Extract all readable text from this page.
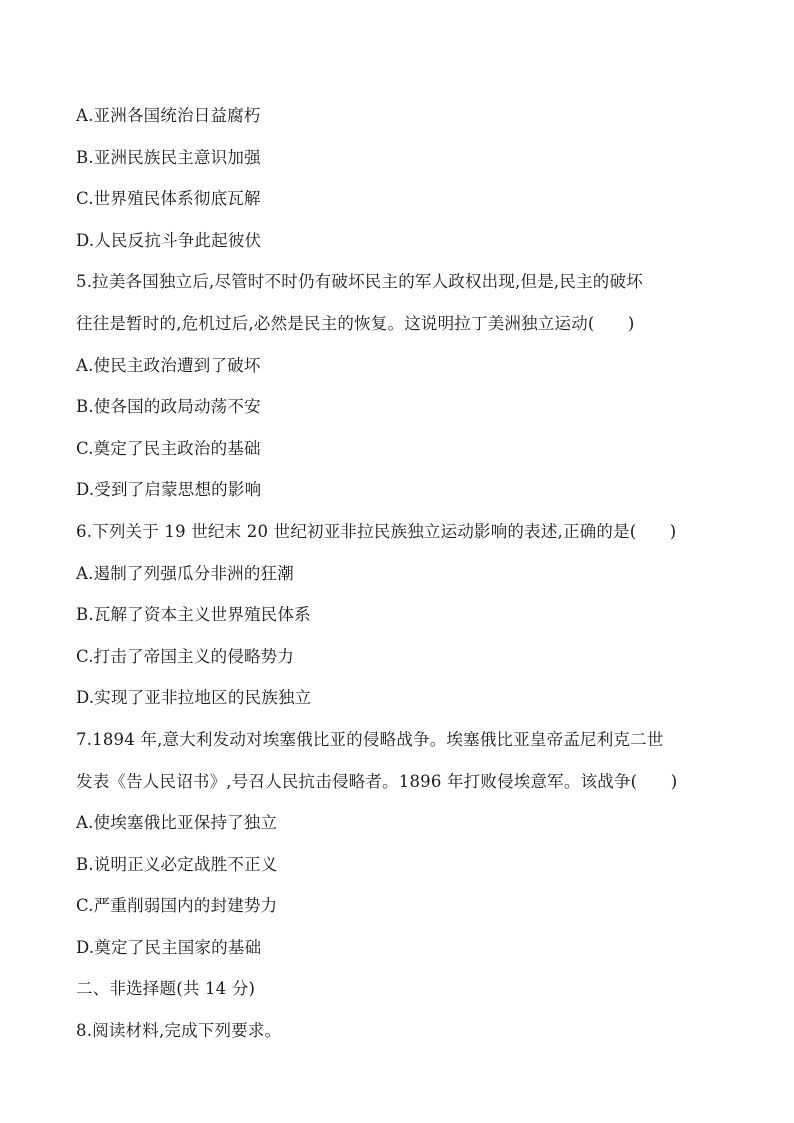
A.亚洲各国统治日益腐朽
B.亚洲民族民主意识加强
C.世界殖民体系彻底瓦解
D.人民反抗斗争此起彼伏
5.拉美各国独立后,尽管时不时仍有破坏民主的军人政权出现,但是,民主的破坏
往往是暂时的,危机过后,必然是民主的恢复。这说明拉丁美洲独立运动(　　)
A.使民主政治遭到了破坏
B.使各国的政局动荡不安
C.奠定了民主政治的基础
D.受到了启蒙思想的影响
6.下列关于 19 世纪末 20 世纪初亚非拉民族独立运动影响的表述,正确的是(　　)
A.遏制了列强瓜分非洲的狂潮
B.瓦解了资本主义世界殖民体系
C.打击了帝国主义的侵略势力
D.实现了亚非拉地区的民族独立
7.1894 年,意大利发动对埃塞俄比亚的侵略战争。埃塞俄比亚皇帝孟尼利克二世
发表《告人民诏书》,号召人民抗击侵略者。1896 年打败侵埃意军。该战争(　　)
A.使埃塞俄比亚保持了独立
B.说明正义必定战胜不正义
C.严重削弱国内的封建势力
D.奠定了民主国家的基础
二、非选择题(共 14 分)
8.阅读材料,完成下列要求。
